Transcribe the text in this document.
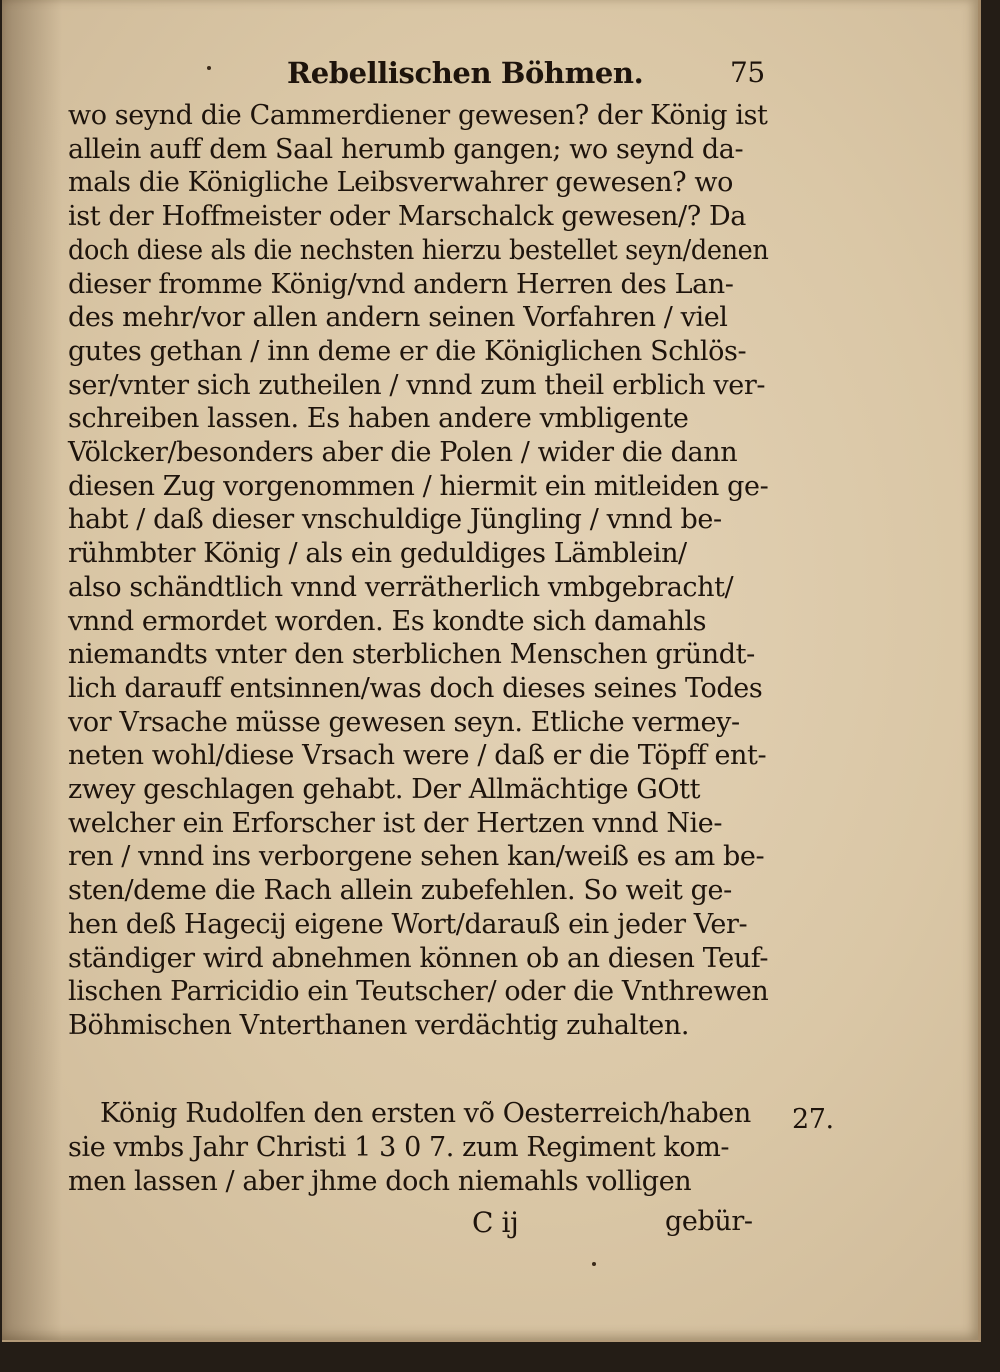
Rebellischen Böhmen.	75
wo seynd die Cammerdiener gewesen? der König ist
allein auff dem Saal herumb gangen; wo seynd da-
mals die Königliche Leibsverwahrer gewesen? wo
ist der Hoffmeister oder Marschalck gewesen/? Da
doch diese als die nechsten hierzu bestellet seyn/denen
dieser fromme König/vnd andern Herren des Lan-
des mehr/vor allen andern seinen Vorfahren / viel
gutes gethan / inn deme er die Königlichen Schlös-
ser/vnter sich zutheilen / vnnd zum theil erblich ver-
schreiben lassen. Es haben andere vmbligente
Völcker/besonders aber die Polen / wider die dann
diesen Zug vorgenommen / hiermit ein mitleiden ge-
habt / daß dieser vnschuldige Jüngling / vnnd be-
rühmbter König / als ein geduldiges Lämblein/
also schändtlich vnnd verrätherlich vmbgebracht/
vnnd ermordet worden. Es kondte sich damahls
niemandts vnter den sterblichen Menschen gründt-
lich darauff entsinnen/was doch dieses seines Todes
vor Vrsache müsse gewesen seyn. Etliche vermey-
neten wohl/diese Vrsach were / daß er die Töpff ent-
zwey geschlagen gehabt. Der Allmächtige GOtt
welcher ein Erforscher ist der Hertzen vnnd Nie-
ren / vnnd ins verborgene sehen kan/weiß es am be-
sten/deme die Rach allein zubefehlen. So weit ge-
hen deß Hagecij eigene Wort/darauß ein jeder Ver-
ständiger wird abnehmen können ob an diesen Teuf-
lischen Parricidio ein Teutscher/ oder die Vnthrewen
Böhmischen Vnterthanen verdächtig zuhalten.
König Rudolfen den ersten võ Oesterreich/haben
sie vmbs Jahr Christi 1 3 0 7. zum Regiment kom-
men lassen / aber jhme doch niemahls volligen
27.
C ij	gebür-
